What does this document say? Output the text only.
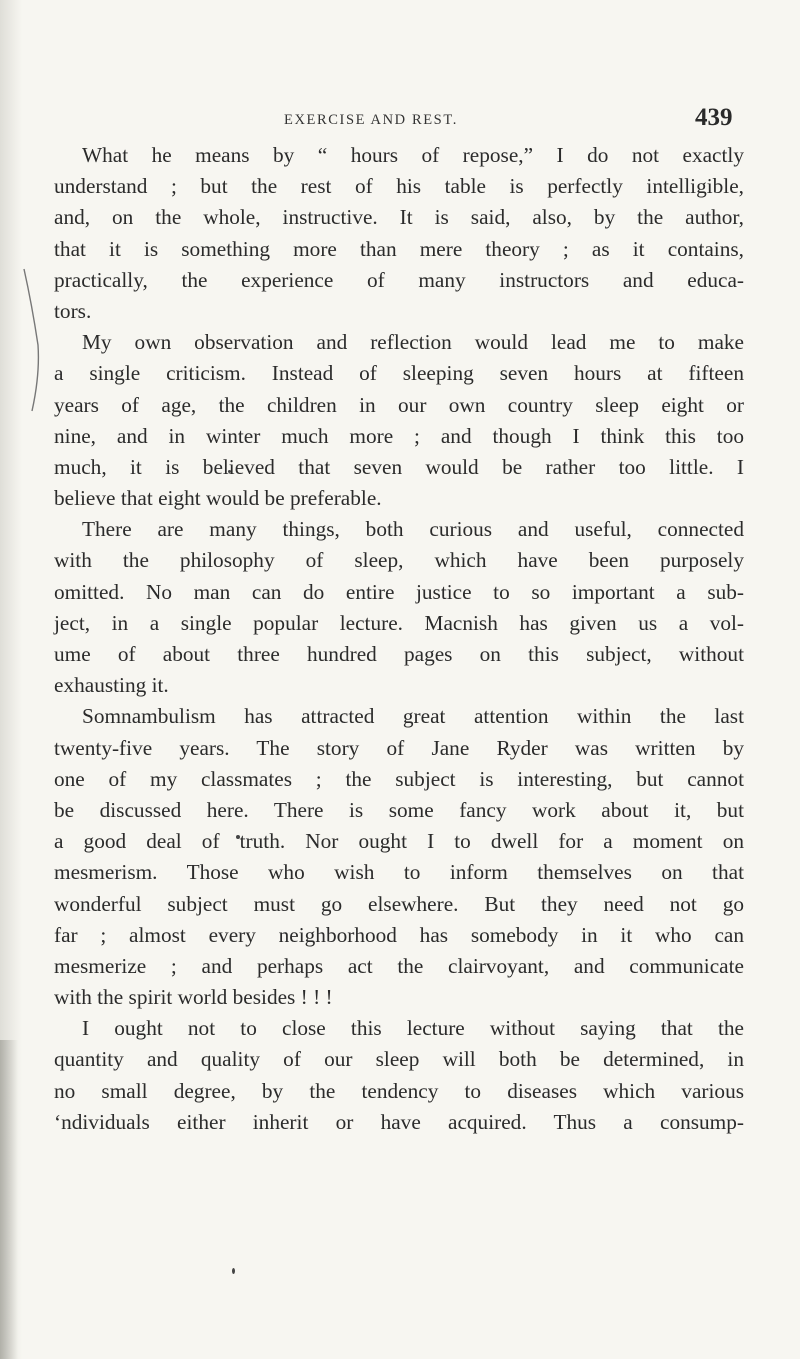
EXERCISE AND REST.	439
What he means by “ hours of repose,” I do not exactly
understand ; but the rest of his table is perfectly intelligible,
and, on the whole, instructive. It is said, also, by the author,
that it is something more than mere theory ; as it contains,
practically, the experience of many instructors and educa-
tors.
My own observation and reflection would lead me to make
a single criticism. Instead of sleeping seven hours at fifteen
years of age, the children in our own country sleep eight or
nine, and in winter much more ; and though I think this too
much, it is believed that seven would be rather too little. I
believe that eight would be preferable.
There are many things, both curious and useful, connected
with the philosophy of sleep, which have been purposely
omitted. No man can do entire justice to so important a sub-
ject, in a single popular lecture. Macnish has given us a vol-
ume of about three hundred pages on this subject, without
exhausting it.
Somnambulism has attracted great attention within the last
twenty-five years. The story of Jane Ryder was written by
one of my classmates ; the subject is interesting, but cannot
be discussed here. There is some fancy work about it, but
a good deal of truth. Nor ought I to dwell for a moment on
mesmerism. Those who wish to inform themselves on that
wonderful subject must go elsewhere. But they need not go
far ; almost every neighborhood has somebody in it who can
mesmerize ; and perhaps act the clairvoyant, and communicate
with the spirit world besides ! ! !
I ought not to close this lecture without saying that the
quantity and quality of our sleep will both be determined, in
no small degree, by the tendency to diseases which various
‘ndividuals either inherit or have acquired. Thus a consump-
